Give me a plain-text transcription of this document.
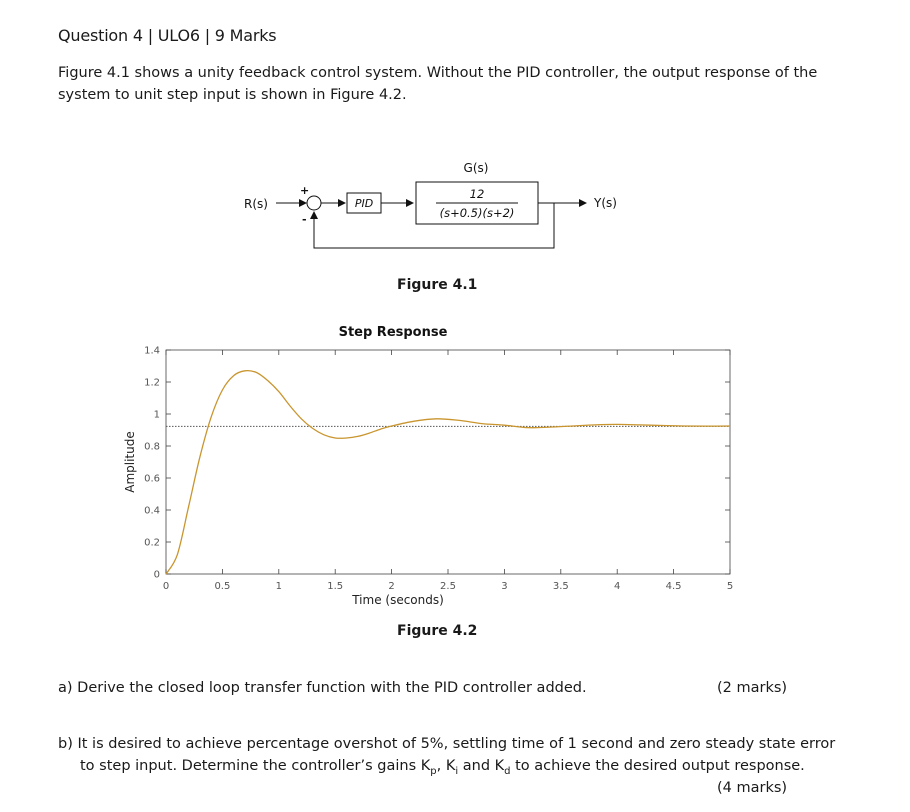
Question 4 | ULO6 | 9 Marks
Figure 4.1 shows a unity feedback control system. Without the PID controller, the output response of the system to unit step input is shown in Figure 4.2.
R(s)
+
-
PID
G(s)
12
(s+0.5)(s+2)
Y(s)
Figure 4.1
Step Response
0	0.5	1	1.5	2	2.5	3	3.5	4	4.5	5
0
0.2
0.4
0.6
0.8
1
1.2
1.4
Time (seconds)
Amplitude
Figure 4.2
a) Derive the closed loop transfer function with the PID controller added.	(2 marks)
b) It is desired to achieve percentage overshot of 5%, settling time of 1 second and zero steady state error
to step input. Determine the controller’s gains $K_p$, $K_i$ and $K_d$ to achieve the desired output response.
(4 marks)
